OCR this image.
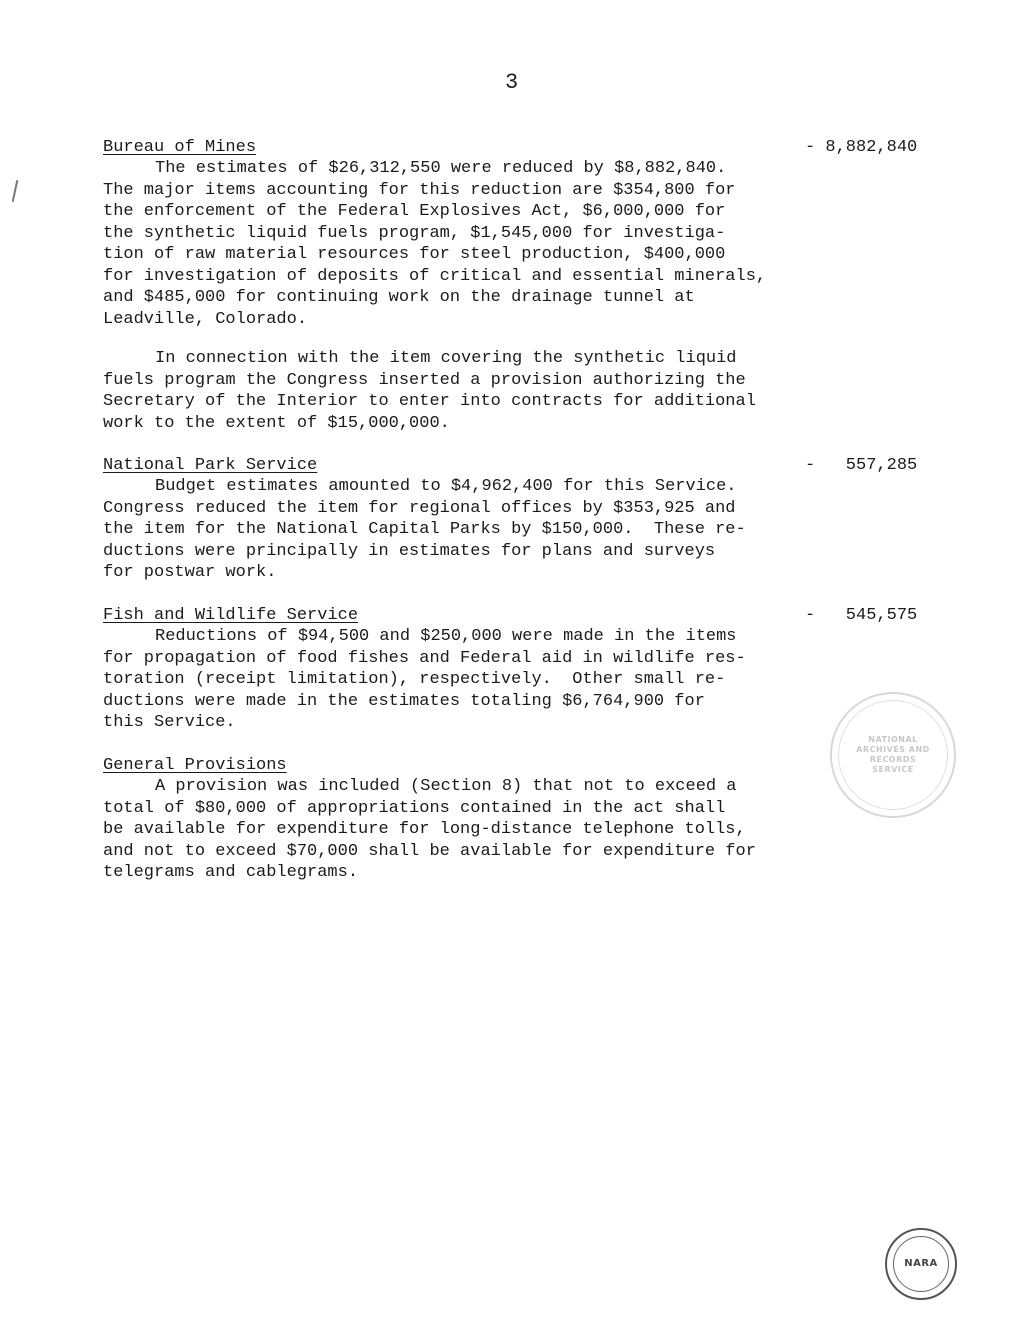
3
Bureau of Mines
The estimates of $26,312,550 were reduced by $8,882,840.
The major items accounting for this reduction are $354,800 for
the enforcement of the Federal Explosives Act, $6,000,000 for
the synthetic liquid fuels program, $1,545,000 for investiga-
tion of raw material resources for steel production, $400,000
for investigation of deposits of critical and essential minerals,
and $485,000 for continuing work on the drainage tunnel at
Leadville, Colorado.
- 8,882,840
In connection with the item covering the synthetic liquid
fuels program the Congress inserted a provision authorizing the
Secretary of the Interior to enter into contracts for additional
work to the extent of $15,000,000.
National Park Service
Budget estimates amounted to $4,962,400 for this Service.
Congress reduced the item for regional offices by $353,925 and
the item for the National Capital Parks by $150,000.  These re-
ductions were principally in estimates for plans and surveys
for postwar work.
-   557,285
Fish and Wildlife Service
Reductions of $94,500 and $250,000 were made in the items
for propagation of food fishes and Federal aid in wildlife res-
toration (receipt limitation), respectively.  Other small re-
ductions were made in the estimates totaling $6,764,900 for
this Service.
-   545,575
General Provisions
A provision was included (Section 8) that not to exceed a
total of $80,000 of appropriations contained in the act shall
be available for expenditure for long-distance telephone tolls,
and not to exceed $70,000 shall be available for expenditure for
telegrams and cablegrams.
NATIONAL
ARCHIVES AND
RECORDS
SERVICE
NARA
